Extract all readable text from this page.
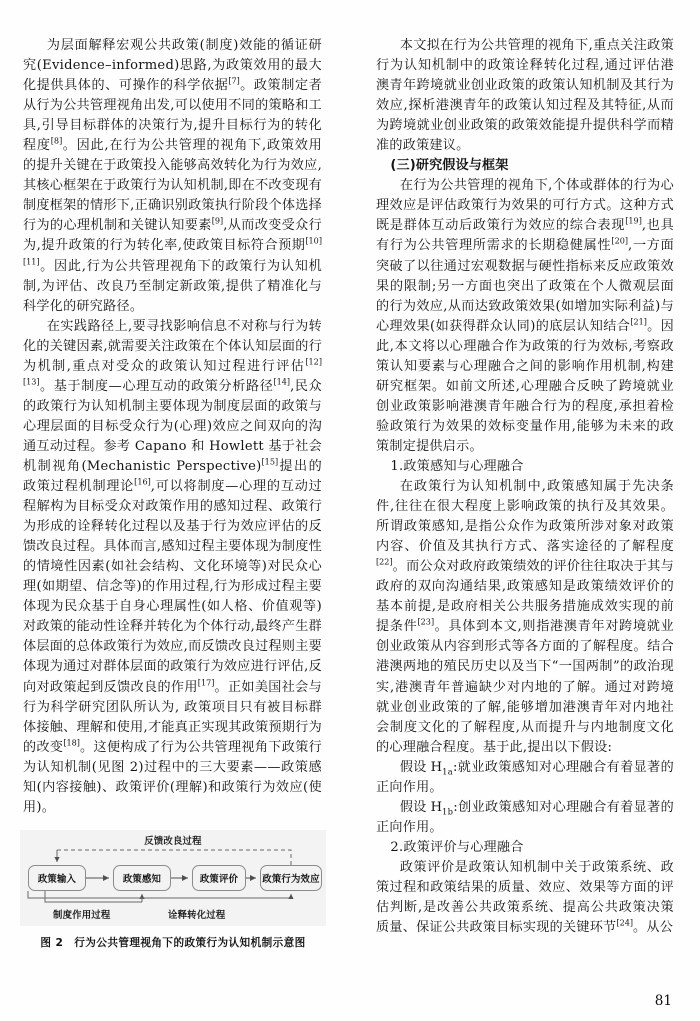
为层面解释宏观公共政策(制度)效能的循证研究(Evidence–informed)思路,为政策效用的最大化提供具体的、可操作的科学依据[7]。政策制定者从行为公共管理视角出发,可以使用不同的策略和工具,引导目标群体的决策行为,提升目标行为的转化程度[8]。因此,在行为公共管理的视角下,政策效用的提升关键在于政策投入能够高效转化为行为效应,其核心框架在于政策行为认知机制,即在不改变现有制度框架的情形下,正确识别政策执行阶段个体选择行为的心理机制和关键认知要素[9],从而改变受众行为,提升政策的行为转化率,使政策目标符合预期[10][11]。因此,行为公共管理视角下的政策行为认知机制,为评估、改良乃至制定新政策,提供了精准化与科学化的研究路径。

在实践路径上,要寻找影响信息不对称与行为转化的关键因素,就需要关注政策在个体认知层面的行为机制,重点对受众的政策认知过程进行评估[12][13]。基于制度—心理互动的政策分析路径[14],民众的政策行为认知机制主要体现为制度层面的政策与心理层面的目标受众行为(心理)效应之间双向的沟通互动过程。参考 Capano 和 Howlett 基于社会机制视角(Mechanistic Perspective)[15]提出的政策过程机制理论[16],可以将制度—心理的互动过程解构为目标受众对政策作用的感知过程、政策行为形成的诠释转化过程以及基于行为效应评估的反馈改良过程。具体而言,感知过程主要体现为制度性的情境性因素(如社会结构、文化环境等)对民众心理(如期望、信念等)的作用过程,行为形成过程主要体现为民众基于自身心理属性(如人格、价值观等)对政策的能动性诠释并转化为个体行动,最终产生群体层面的总体政策行为效应,而反馈改良过程则主要体现为通过对群体层面的政策行为效应进行评估,反向对政策起到反馈改良的作用[17]。正如美国社会与行为科学研究团队所认为, 政策项目只有被目标群体接触、理解和使用,才能真正实现其政策预期行为的改变[18]。这便构成了行为公共管理视角下政策行为认知机制(见图 2)过程中的三大要素——政策感知(内容接触)、政策评价(理解)和政策行为效应(使用)。

反馈改良过程
政策输入	政策感知	政策评价	政策行为效应
制度作用过程	诠释转化过程
图 2 行为公共管理视角下的政策行为认知机制示意图

本文拟在行为公共管理的视角下,重点关注政策行为认知机制中的政策诠释转化过程,通过评估港澳青年跨境就业创业政策的政策认知机制及其行为效应,探析港澳青年的政策认知过程及其特征,从而为跨境就业创业政策的政策效能提升提供科学而精准的政策建议。

(三)研究假设与框架

在行为公共管理的视角下,个体或群体的行为心理效应是评估政策行为效果的可行方式。这种方式既是群体互动后政策行为效应的综合表现[19],也具有行为公共管理所需求的长期稳健属性[20],一方面突破了以往通过宏观数据与硬性指标来反应政策效果的限制;另一方面也突出了政策在个人微观层面的行为效应,从而达致政策效果(如增加实际利益)与心理效果(如获得群众认同)的底层认知结合[21]。因此,本文将以心理融合作为政策的行为效标,考察政策认知要素与心理融合之间的影响作用机制,构建研究框架。如前文所述,心理融合反映了跨境就业创业政策影响港澳青年融合行为的程度,承担着检验政策行为效果的效标变量作用,能够为未来的政策制定提供启示。

1.政策感知与心理融合

在政策行为认知机制中,政策感知属于先决条件,往往在很大程度上影响政策的执行及其效果。所谓政策感知,是指公众作为政策所涉对象对政策内容、价值及其执行方式、落实途径的了解程度[22]。而公众对政府政策绩效的评价往往取决于其与政府的双向沟通结果,政策感知是政策绩效评价的基本前提,是政府相关公共服务措施成效实现的前提条件[23]。具体到本文,则指港澳青年对跨境就业创业政策从内容到形式等各方面的了解程度。结合港澳两地的殖民历史以及当下“一国两制”的政治现实,港澳青年普遍缺少对内地的了解。通过对跨境就业创业政策的了解,能够增加港澳青年对内地社会制度文化的了解程度,从而提升与内地制度文化的心理融合程度。基于此,提出以下假设:

假设 $H_{1a}$:就业政策感知对心理融合有着显著的正向作用。

假设 $H_{1b}$:创业政策感知对心理融合有着显著的正向作用。

2.政策评价与心理融合

政策评价是政策认知机制中关于政策系统、政策过程和政策结果的质量、效应、效果等方面的评估判断,是改善公共政策系统、提高公共政策决策质量、保证公共政策目标实现的关键环节[24]。从公

81
